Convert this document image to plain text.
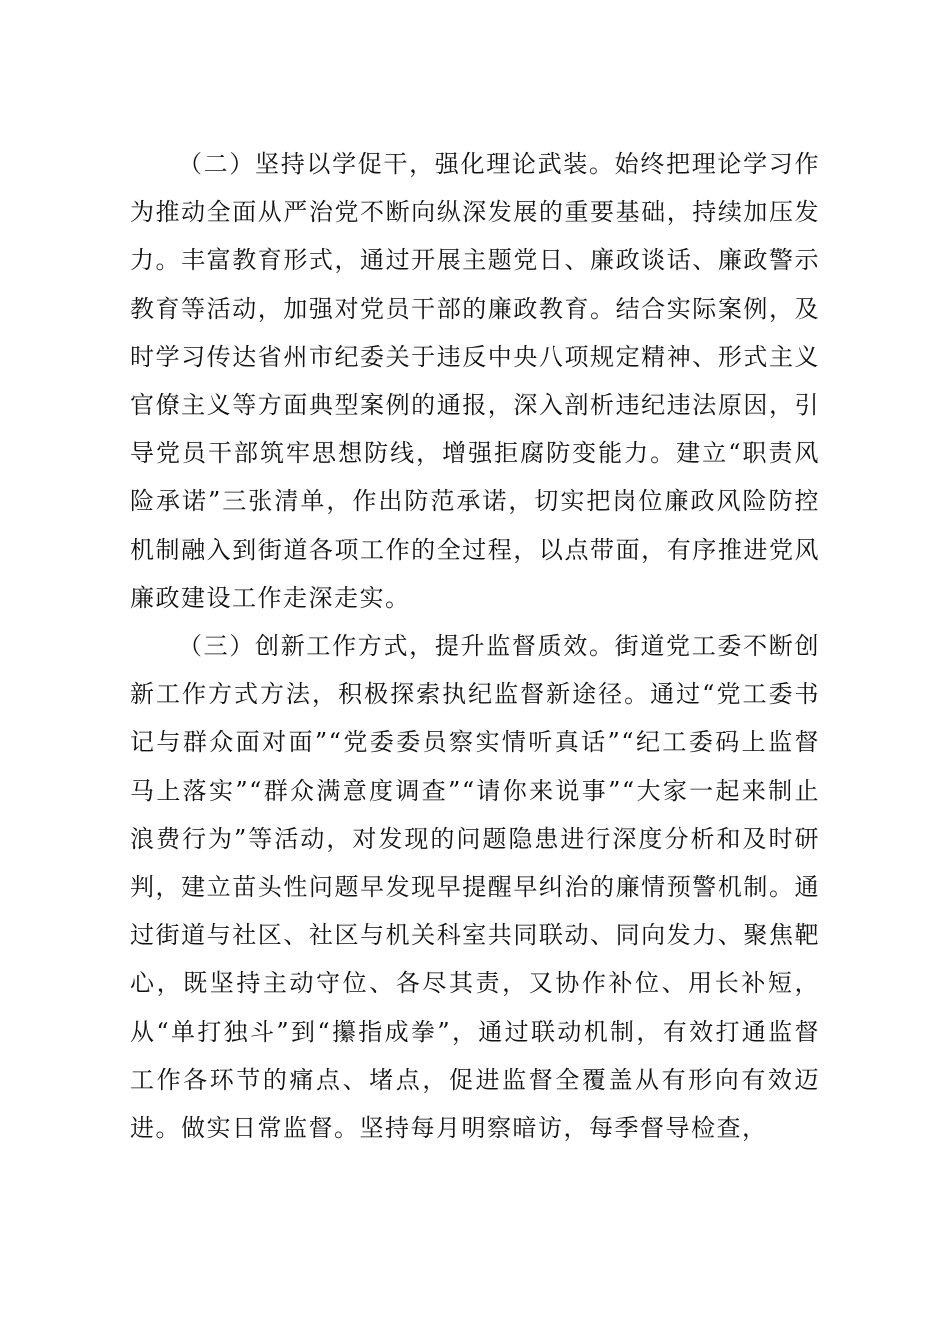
（二）坚持以学促干，强化理论武装。始终把理论学习作为推动全面从严治党不断向纵深发展的重要基础，持续加压发力。丰富教育形式，通过开展主题党日、廉政谈话、廉政警示教育等活动，加强对党员干部的廉政教育。结合实际案例，及时学习传达省州市纪委关于违反中央八项规定精神、形式主义官僚主义等方面典型案例的通报，深入剖析违纪违法原因，引导党员干部筑牢思想防线，增强拒腐防变能力。建立“职责风险承诺”三张清单，作出防范承诺，切实把岗位廉政风险防控机制融入到街道各项工作的全过程，以点带面，有序推进党风廉政建设工作走深走实。

（三）创新工作方式，提升监督质效。街道党工委不断创新工作方式方法，积极探索执纪监督新途径。通过“党工委书记与群众面对面”“党委委员察实情听真话”“纪工委码上监督马上落实”“群众满意度调查”“请你来说事”“大家一起来制止浪费行为”等活动，对发现的问题隐患进行深度分析和及时研判，建立苗头性问题早发现早提醒早纠治的廉情预警机制。通过街道与社区、社区与机关科室共同联动、同向发力、聚焦靶心，既坚持主动守位、各尽其责，又协作补位、用长补短，从“单打独斗”到“攥指成拳”，通过联动机制，有效打通监督工作各环节的痛点、堵点，促进监督全覆盖从有形向有效迈进。做实日常监督。坚持每月明察暗访，每季督导检查，
